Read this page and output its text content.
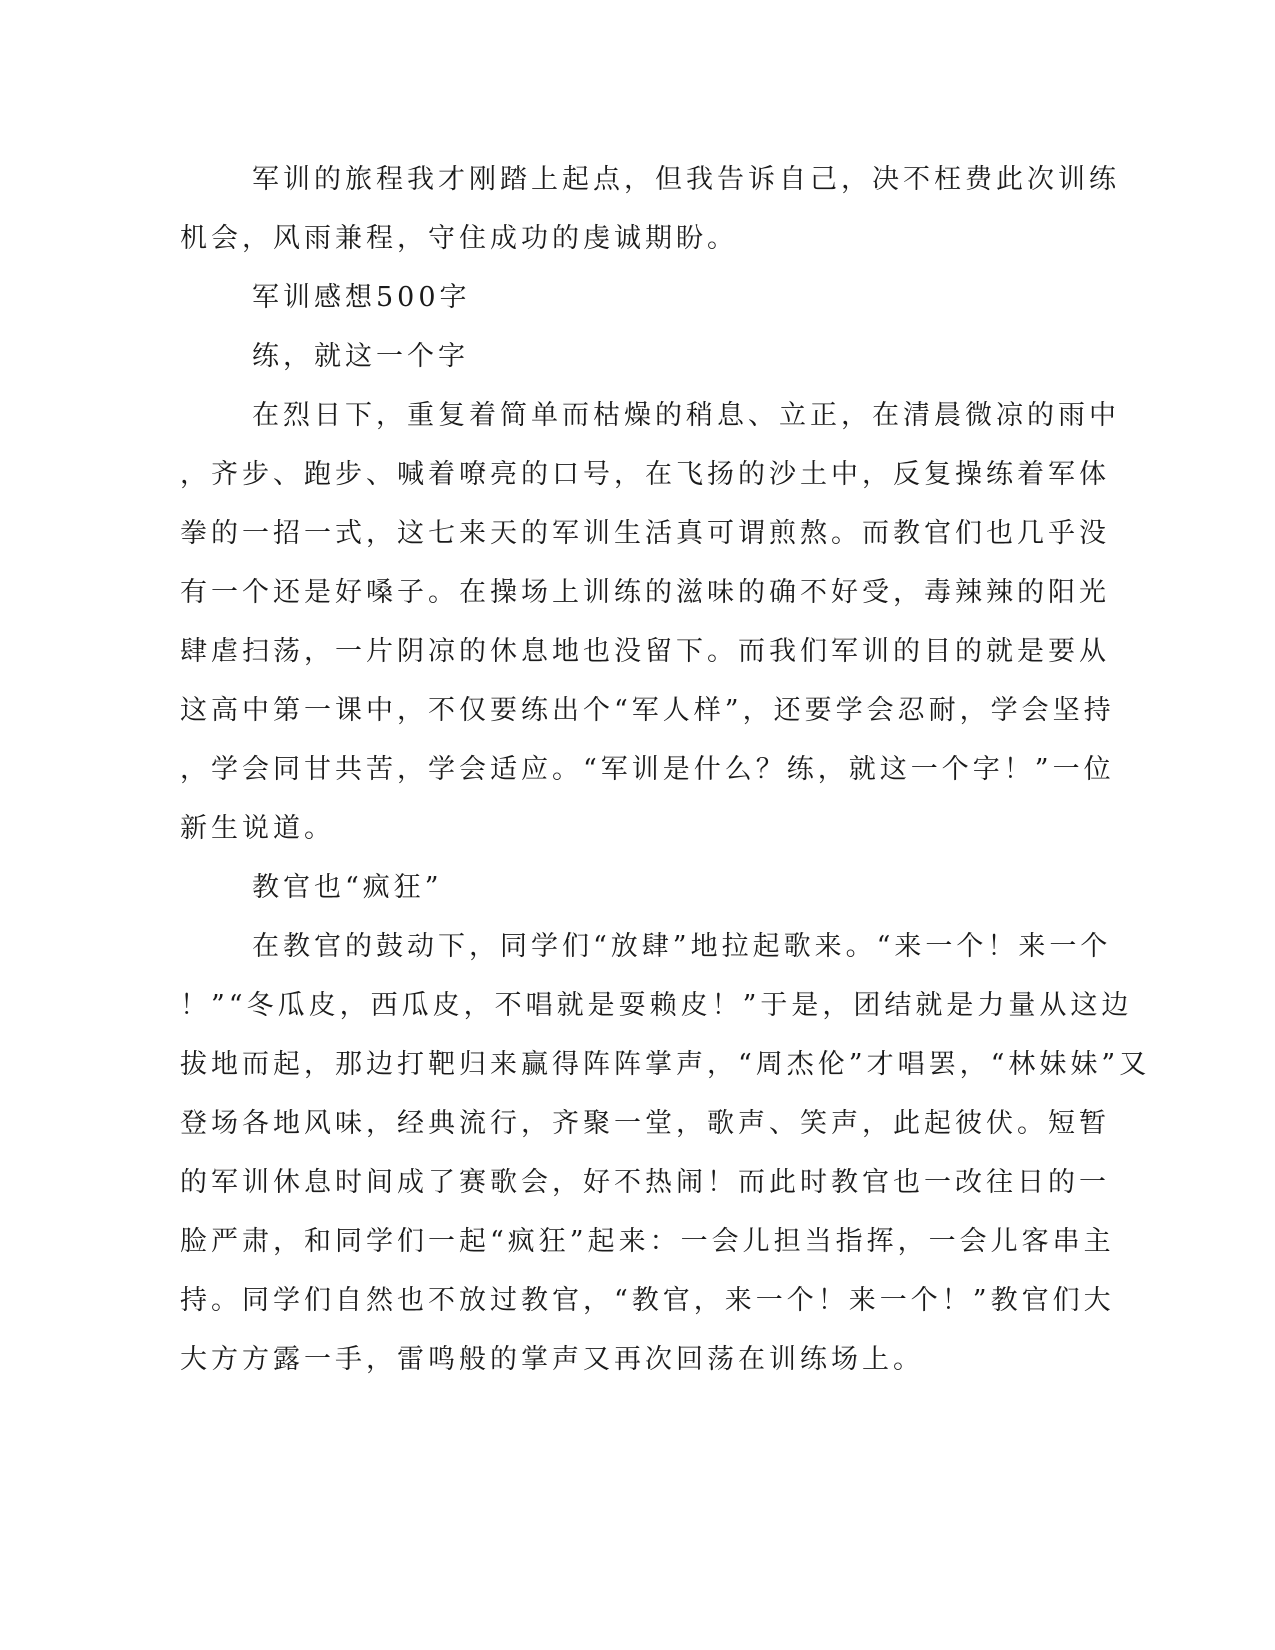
军训的旅程我才刚踏上起点，但我告诉自己，决不枉费此次训练
机会，风雨兼程，守住成功的虔诚期盼。
军训感想500字
练，就这一个字
在烈日下，重复着简单而枯燥的稍息、立正，在清晨微凉的雨中
，齐步、跑步、喊着嘹亮的口号，在飞扬的沙土中，反复操练着军体
拳的一招一式，这七来天的军训生活真可谓煎熬。而教官们也几乎没
有一个还是好嗓子。在操场上训练的滋味的确不好受，毒辣辣的阳光
肆虐扫荡，一片阴凉的休息地也没留下。而我们军训的目的就是要从
这高中第一课中，不仅要练出个“军人样”，还要学会忍耐，学会坚持
，学会同甘共苦，学会适应。“军训是什么？练，就这一个字！”一位
新生说道。
教官也“疯狂”
在教官的鼓动下，同学们“放肆”地拉起歌来。“来一个！来一个
！”“冬瓜皮，西瓜皮，不唱就是耍赖皮！”于是，团结就是力量从这边
拔地而起，那边打靶归来赢得阵阵掌声，“周杰伦”才唱罢，“林妹妹”又
登场各地风味，经典流行，齐聚一堂，歌声、笑声，此起彼伏。短暂
的军训休息时间成了赛歌会，好不热闹！而此时教官也一改往日的一
脸严肃，和同学们一起“疯狂”起来：一会儿担当指挥，一会儿客串主
持。同学们自然也不放过教官，“教官，来一个！来一个！”教官们大
大方方露一手，雷鸣般的掌声又再次回荡在训练场上。
